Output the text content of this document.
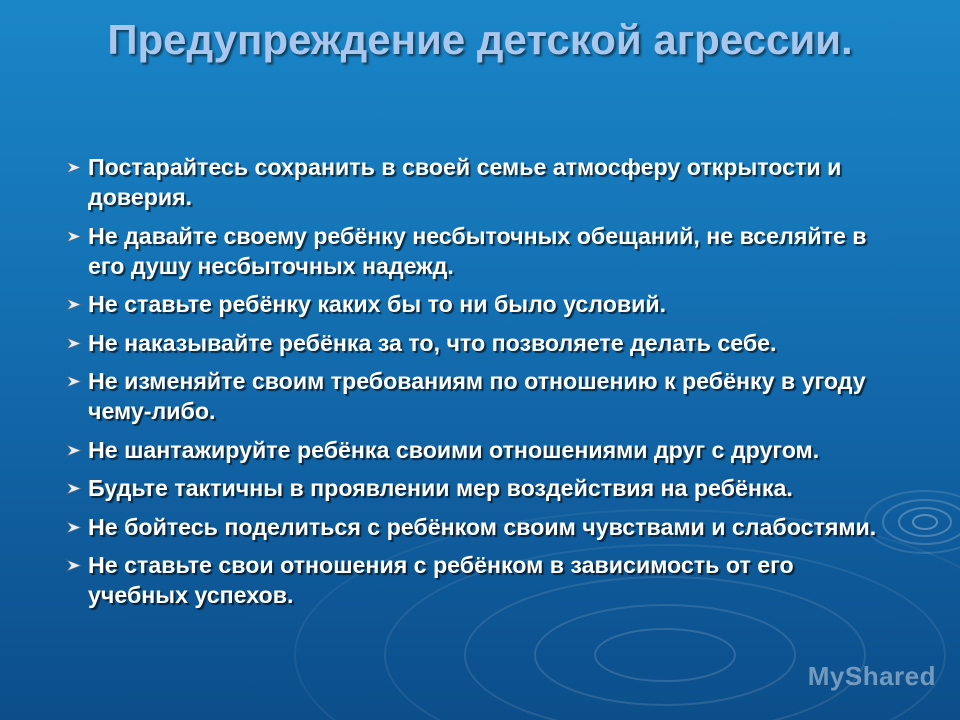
Предупреждение детской агрессии.
Постарайтесь сохранить в своей семье атмосферу открытости и доверия.
Не давайте своему ребёнку несбыточных обещаний, не вселяйте в его душу несбыточных надежд.
Не ставьте ребёнку каких бы то ни было условий.
Не наказывайте ребёнка за то, что позволяете делать себе.
Не изменяйте своим требованиям по отношению к ребёнку в угоду чему-либо.
Не шантажируйте ребёнка своими отношениями друг с другом.
Будьте тактичны в проявлении мер воздействия на ребёнка.
Не бойтесь поделиться с ребёнком своим чувствами и слабостями.
Не ставьте свои отношения с ребёнком в зависимость от его учебных успехов.
MyShared
